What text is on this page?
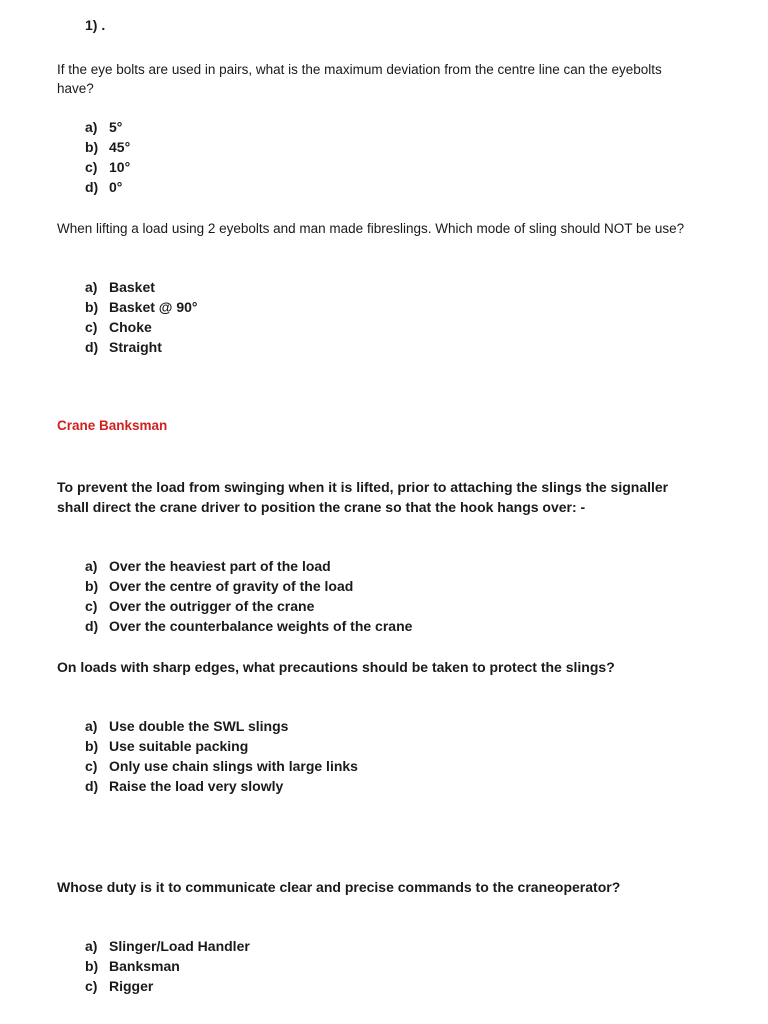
1) .
If the eye bolts are used in pairs, what is the maximum deviation from the centre line can the eyebolts have?
a) 5°
b) 45°
c) 10°
d) 0°
When lifting a load using 2 eyebolts and man made fibreslings. Which mode of sling should NOT be use?
a) Basket
b) Basket @ 90°
c) Choke
d) Straight
Crane Banksman
To prevent the load from swinging when it is lifted, prior to attaching the slings the signaller shall direct the crane driver to position the crane so that the hook hangs over: -
a) Over the heaviest part of the load
b) Over the centre of gravity of the load
c) Over the outrigger of the crane
d) Over the counterbalance weights of the crane
On loads with sharp edges, what precautions should be taken to protect the slings?
a) Use double the SWL slings
b) Use suitable packing
c) Only use chain slings with large links
d) Raise the load very slowly
Whose duty is it to communicate clear and precise commands to the craneoperator?
a) Slinger/Load Handler
b) Banksman
c) Rigger
